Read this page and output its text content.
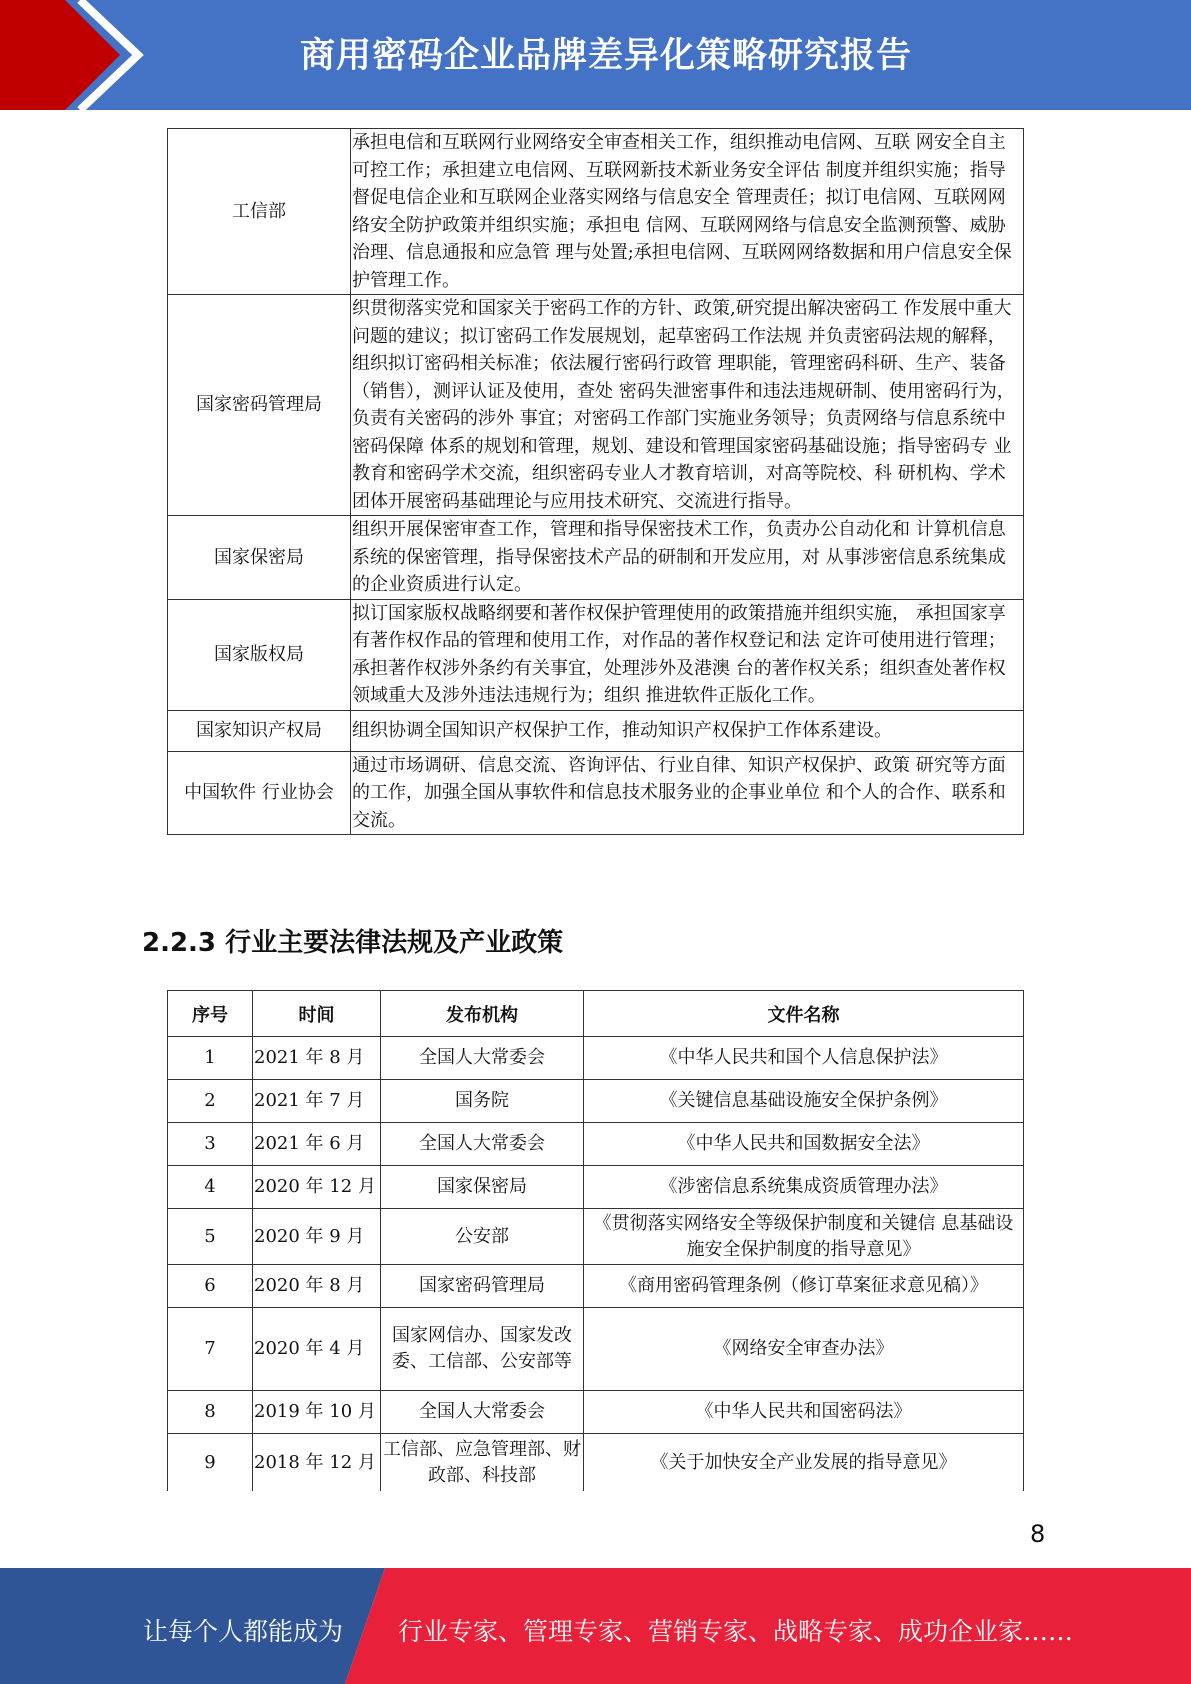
商用密码企业品牌差异化策略研究报告
工信部	承担电信和互联网行业网络安全审查相关工作，组织推动电信网、互联 网安全自主可控工作；承担建立电信网、互联网新技术新业务安全评估 制度并组织实施；指导督促电信企业和互联网企业落实网络与信息安全 管理责任；拟订电信网、互联网网络安全防护政策并组织实施；承担电 信网、互联网网络与信息安全监测预警、威胁治理、信息通报和应急管 理与处置;承担电信网、互联网网络数据和用户信息安全保护管理工作。
国家密码管理局	织贯彻落实党和国家关于密码工作的方针、政策,研究提出解决密码工 作发展中重大问题的建议；拟订密码工作发展规划，起草密码工作法规 并负责密码法规的解释，组织拟订密码相关标准；依法履行密码行政管 理职能，管理密码科研、生产、装备（销售），测评认证及使用，查处 密码失泄密事件和违法违规研制、使用密码行为，负责有关密码的涉外 事宜；对密码工作部门实施业务领导；负责网络与信息系统中密码保障 体系的规划和管理，规划、建设和管理国家密码基础设施；指导密码专 业教育和密码学术交流，组织密码专业人才教育培训，对高等院校、科 研机构、学术团体开展密码基础理论与应用技术研究、交流进行指导。
国家保密局	组织开展保密审查工作，管理和指导保密技术工作，负责办公自动化和 计算机信息系统的保密管理，指导保密技术产品的研制和开发应用，对 从事涉密信息系统集成的企业资质进行认定。
国家版权局	拟订国家版权战略纲要和著作权保护管理使用的政策措施并组织实施， 承担国家享有著作权作品的管理和使用工作，对作品的著作权登记和法 定许可使用进行管理；承担著作权涉外条约有关事宜，处理涉外及港澳 台的著作权关系；组织查处著作权领域重大及涉外违法违规行为；组织 推进软件正版化工作。
国家知识产权局	组织协调全国知识产权保护工作，推动知识产权保护工作体系建设。
中国软件 行业协会	通过市场调研、信息交流、咨询评估、行业自律、知识产权保护、政策 研究等方面的工作，加强全国从事软件和信息技术服务业的企事业单位 和个人的合作、联系和交流。
2.2.3 行业主要法律法规及产业政策
序号	时间	发布机构	文件名称
1	2021 年 8 月	全国人大常委会	《中华人民共和国个人信息保护法》
2	2021 年 7 月	国务院	《关键信息基础设施安全保护条例》
3	2021 年 6 月	全国人大常委会	《中华人民共和国数据安全法》
4	2020 年 12 月	国家保密局	《涉密信息系统集成资质管理办法》
5	2020 年 9 月	公安部	《贯彻落实网络安全等级保护制度和关键信 息基础设施安全保护制度的指导意见》
6	2020 年 8 月	国家密码管理局	《商用密码管理条例（修订草案征求意见稿）》
7	2020 年 4 月	国家网信办、国家发改委、工信部、公安部等	《网络安全审查办法》
8	2019 年 10 月	全国人大常委会	《中华人民共和国密码法》
9	2018 年 12 月	工信部、应急管理部、财政部、科技部	《关于加快安全产业发展的指导意见》
8
让每个人都能成为 行业专家、管理专家、营销专家、战略专家、成功企业家……
